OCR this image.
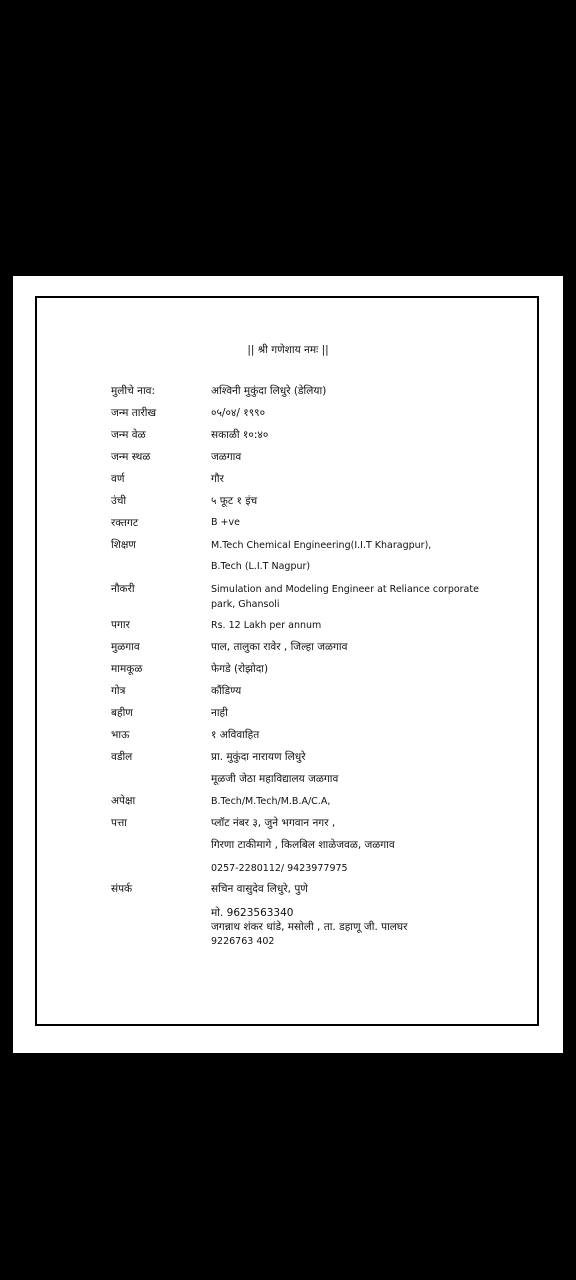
|| श्री गणेशाय नमः ||
मुलीचे नाव:	अश्विनी मुकुंदा लिधुरे (डेलिया)
जन्म तारीख	०५/०४/ १९९०
जन्म वेळ	सकाळी १०:४०
जन्म स्थळ	जळगाव
वर्ण	गौर
उंची	५ फूट १ इंच
रक्तगट	B +ve
शिक्षण	M.Tech Chemical Engineering(I.I.T Kharagpur),
B.Tech (L.I.T Nagpur)
नौकरी	Simulation and Modeling Engineer at Reliance corporate park, Ghansoli
पगार	Rs. 12 Lakh per annum
मुळगाव	पाल, तालुका रावेर , जिल्हा जळगाव
मामकूळ	फेगडे (रोझोदा)
गोत्र	कौंडिण्य
बहीण	नाही
भाऊ	१ अविवाहित
वडील	प्रा. मुकुंदा नारायण लिधुरे
मूळजी जेठा महाविद्यालय जळगाव
अपेक्षा	B.Tech/M.Tech/M.B.A/C.A,
पत्ता	प्लॉट नंबर ३, जुने भगवान नगर ,
गिरणा टाकीमागे , किलबिल शाळेजवळ, जळगाव
0257-2280112/ 9423977975
संपर्क	सचिन वासुदेव लिधुरे, पुणे
मो. 9623563340
जगन्नाथ शंकर धांडे, मसोली , ता. डहाणू जी. पालघर
9226763 402
